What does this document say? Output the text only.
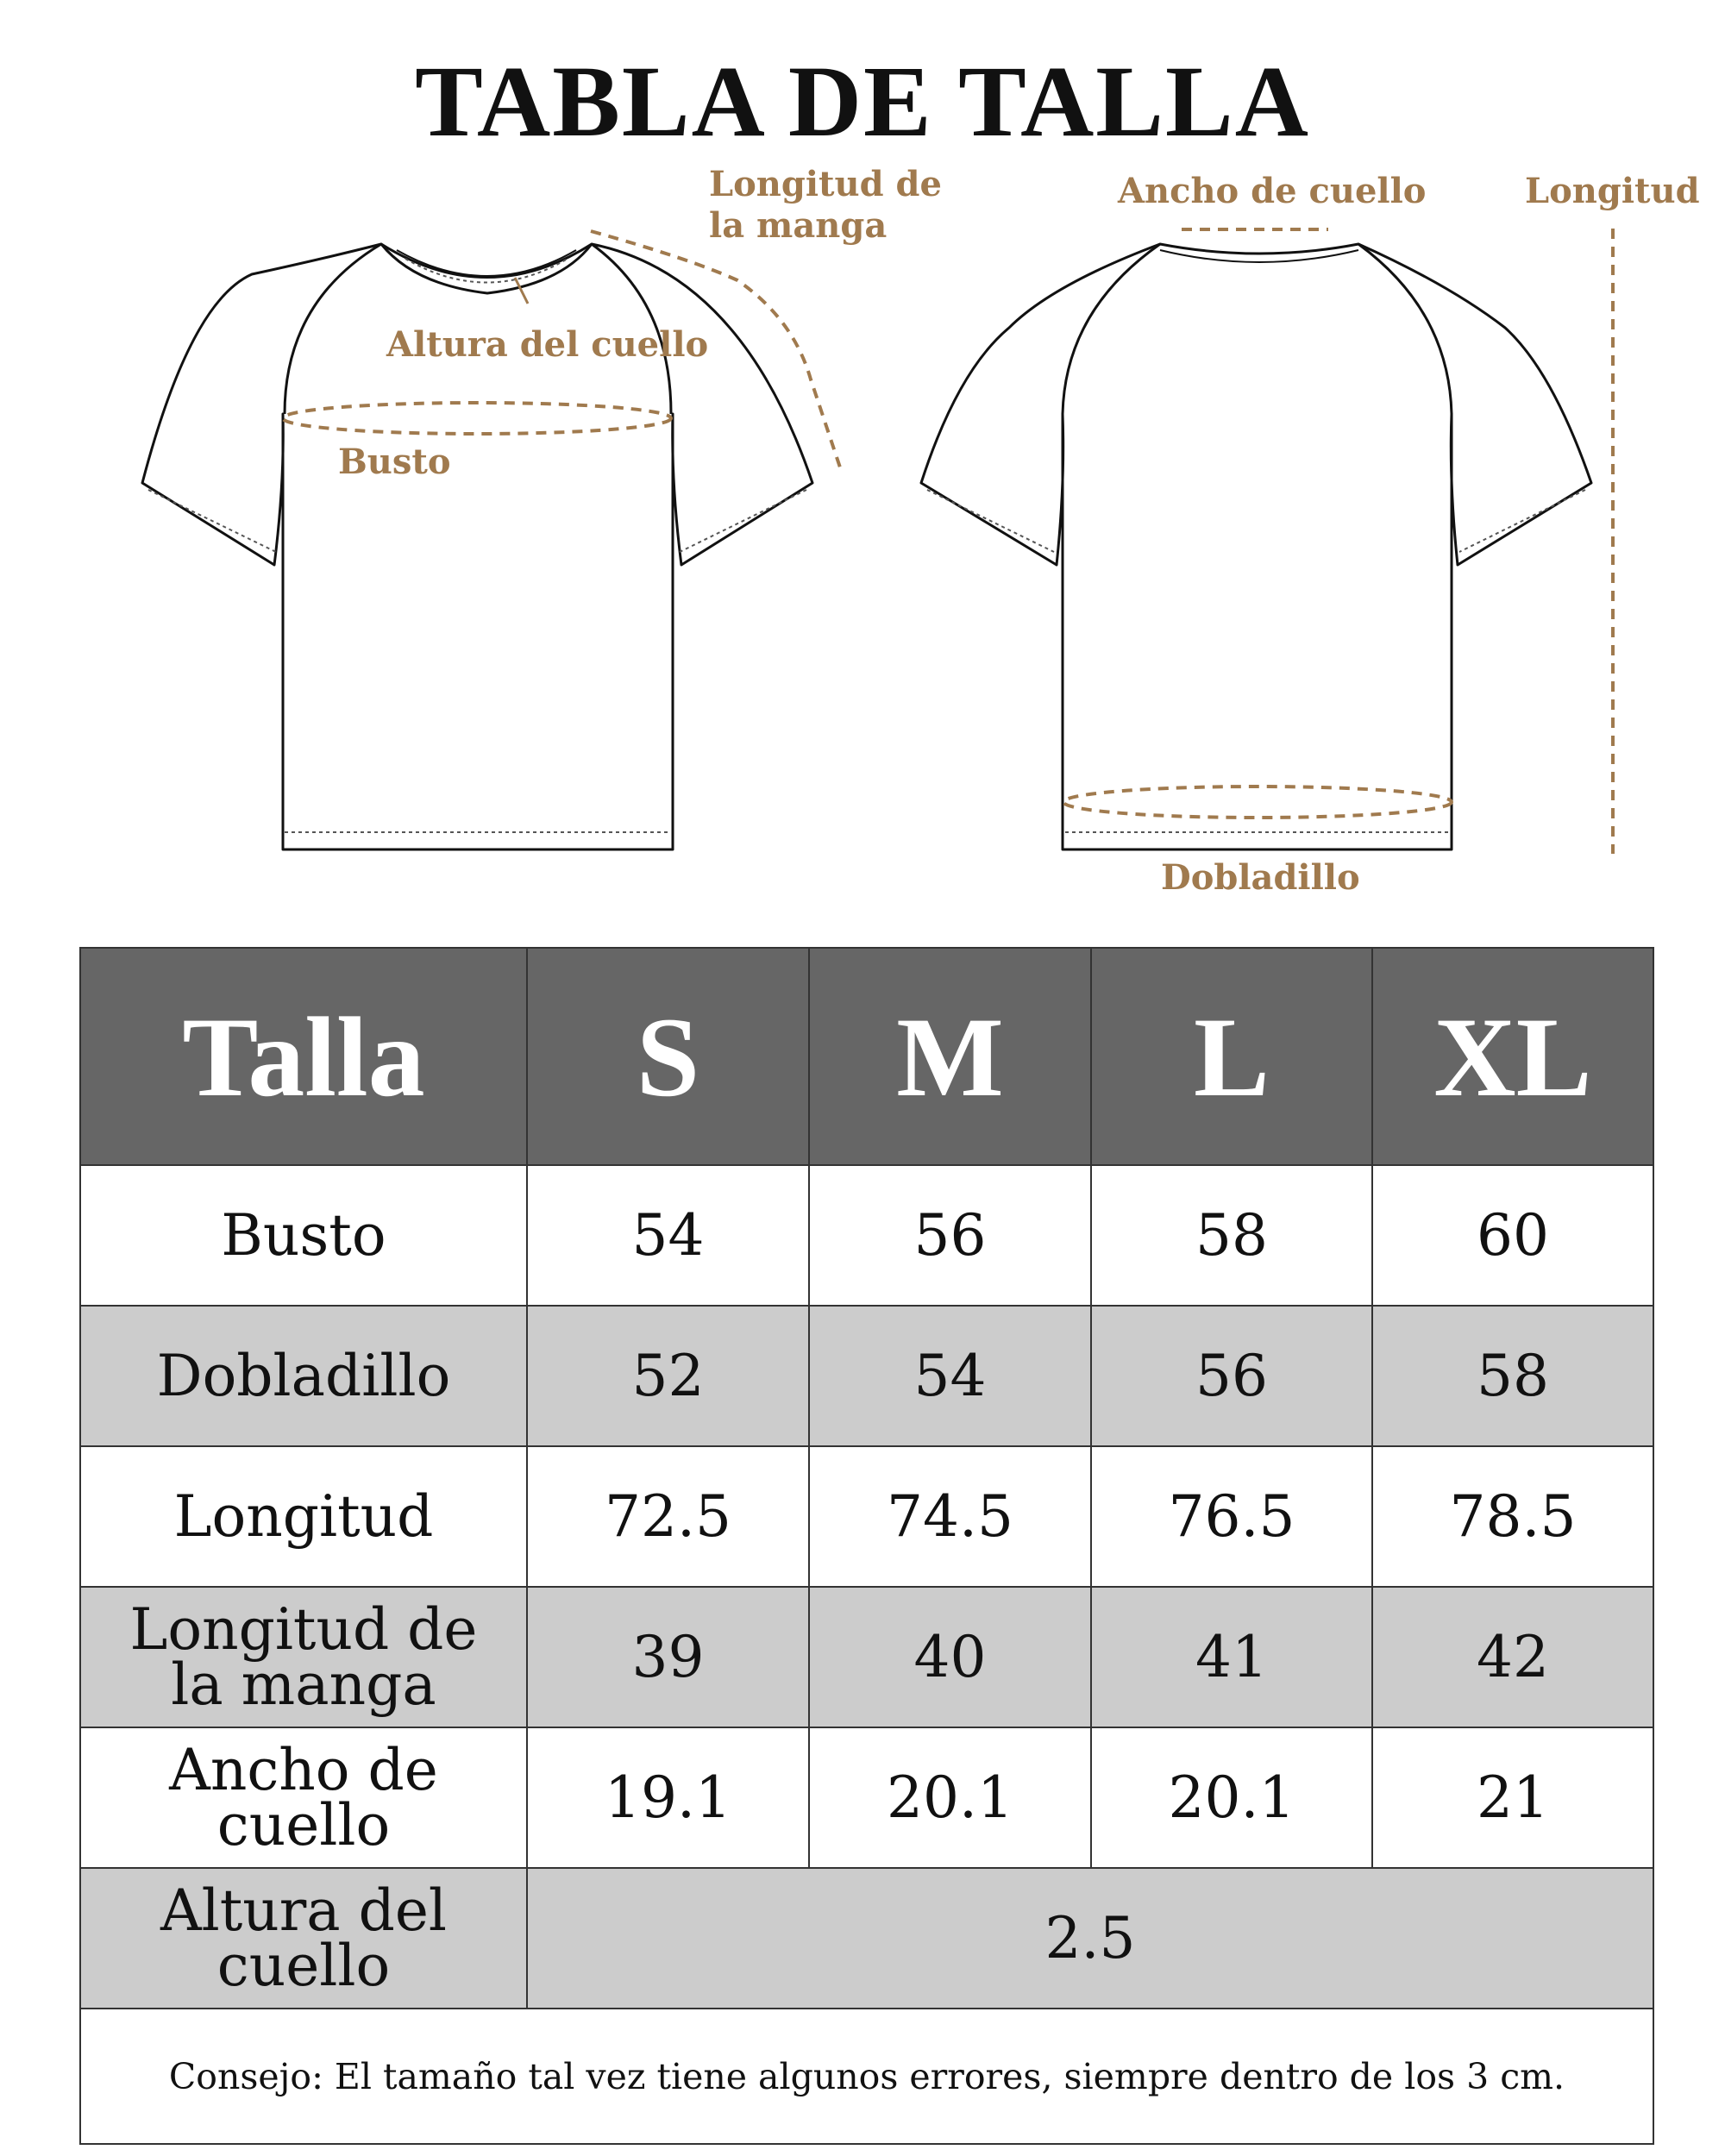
TABLA DE TALLA
Longitud de
la manga
Altura del cuello
Busto
Ancho de cuello	Longitud
Dobladillo
Talla	S	M	L	XL
Busto	54	56	58	60
Dobladillo	52	54	56	58
Longitud	72.5	74.5	76.5	78.5
Longitud de
la manga	39	40	41	42
Ancho de cuello	19.1	20.1	20.1	21
Altura del
cuello	2.5			
Consejo: El tamaño tal vez tiene algunos errores, siempre dentro de los 3 cm.				
